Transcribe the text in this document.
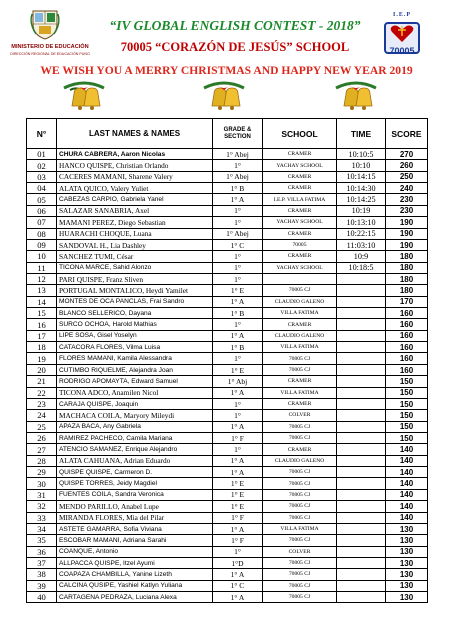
MINISTERIO DE EDUCACIÓN
DIRECCIÓN REGIONAL DE EDUCACIÓN PUNO
“IV GLOBAL ENGLISH CONTEST - 2018”
70005 “CORAZÓN DE JESÚS” SCHOOL
I.E.P
70005
WE WISH YOU A MERRY CHRISTMAS AND HAPPY NEW YEAR 2019
N°	LAST NAMES & NAMES	GRADE &
SECTION	SCHOOL	TIME	SCORE
01	CHURA CABRERA, Aaron Nicolas	1° Abej	CRAMER	10:10:5	270
02	HANCO QUISPE, Christian Orlando	1°	YACHAY SCHOOL	10:10	260
03	CACERES MAMANI, Sharene Valery	1° Abej	CRAMER	10:14:15	250
04	ALATA QUICO, Valery Yuliet	1° B	CRAMER	10:14:30	240
05	CABEZAS CARPIO, Gabriela Yanel	1° A	I.E.P. VILLA FATIMA	10:14:25	230
06	SALAZAR SANABRIA, Axel	1°	CRAMER	10:19	230
07	MAMANI PEREZ, Diego Sebastian	1°	YACHAY SCHOOL	10:13:10	190
08	HUARACHI CHOQUE, Luana	1° Abej	CRAMER	10:22:15	190
09	SANDOVAL H., Lia Dashley	1° C	70005	11:03:10	190
10	SANCHEZ TUMI, César	1°	CRAMER	10:9	180
11	TICONA MARCE, Sahid Alonzo	1°	YACHAY SCHOOL	10:18:5	180
12	PARI QUISPE, Franz Sliven	1°			180
13	PORTUGAL MONTALICO, Heydi Yamilet	1° E	70005 CJ		180
14	MONTES DE OCA PANCLAS, Frai Sandro	1° A	CLAUDIO GALENO		170
15	BLANCO SELLERICO, Dayana	1° B	VILLA FATIMA		160
16	SURCO OCHOA, Harold Mathias	1°	CRAMER		160
17	LIPE SOSA, Gisel Yoselyn	1° A	CLAUDIO GALENO		160
18	CATACORA FLORES, Vilma Luisa	1° B	VILLA FATIMA		160
19	FLORES MAMANI, Kamila Alessandra	1°	70005 CJ		160
20	CUTIMBO RIQUELME, Alejandra Joan	1° E	70005 CJ		160
21	RODRIGO APOMAYTA, Edward Samuel	1° Abj	CRAMER		150
22	TICONA ADCO, Anamilen Nicol	1° A	VILLA FATIMA		150
23	CARAJA QUISPE, Joaquin	1°	CRAMER		150
24	MACHACA COILA, Maryory Mileydi	1°	COLVER		150
25	APAZA BACA, Any Gabriela	1° A	70005 CJ		150
26	RAMIREZ PACHECO, Camila Mariana	1° F	70005 CJ		150
27	ATENCIO SAMANEZ, Enrique Alejandro	1°	CRAMER		140
28	ALATA CAHUANA, Adrian Eduardo	1° A	CLAUDIO GALENO		140
29	QUISPE QUISPE, Carmeron D.	1° A	70005 CJ		140
30	QUISPE TORRES, Jeidy Magdiel	1° E	70005 CJ		140
31	FUENTES COILA, Sandra Veronica	1° E	70005 CJ		140
32	MENDO PARILLO, Anabel Lupe	1° E	70005 CJ		140
33	MIRANDA FLORES, Mia del Pilar	1° F	70005 CJ		140
34	ASTETE GAMARRA, Sofia Viviana	1° A	VILLA FATIMA		130
35	ESCOBAR MAMANI, Adriana Sarahi	1° F	70005 CJ		130
36	COANQUE, Antonio	1°	COLVER		130
37	ALLPACCA QUISPE, Itzel Ayumi	1°D	70005 CJ		130
38	COAPAZA CHAMBILLA, Yanine Lizeth	1° A	70005 CJ		130
39	CALCINA QUSIPE, Yashiel Katlyn Yuliana	1° C	70005 CJ		130
40	CARTAGENA PEDRAZA, Luciana Alexa	1° A	70005 CJ		130
